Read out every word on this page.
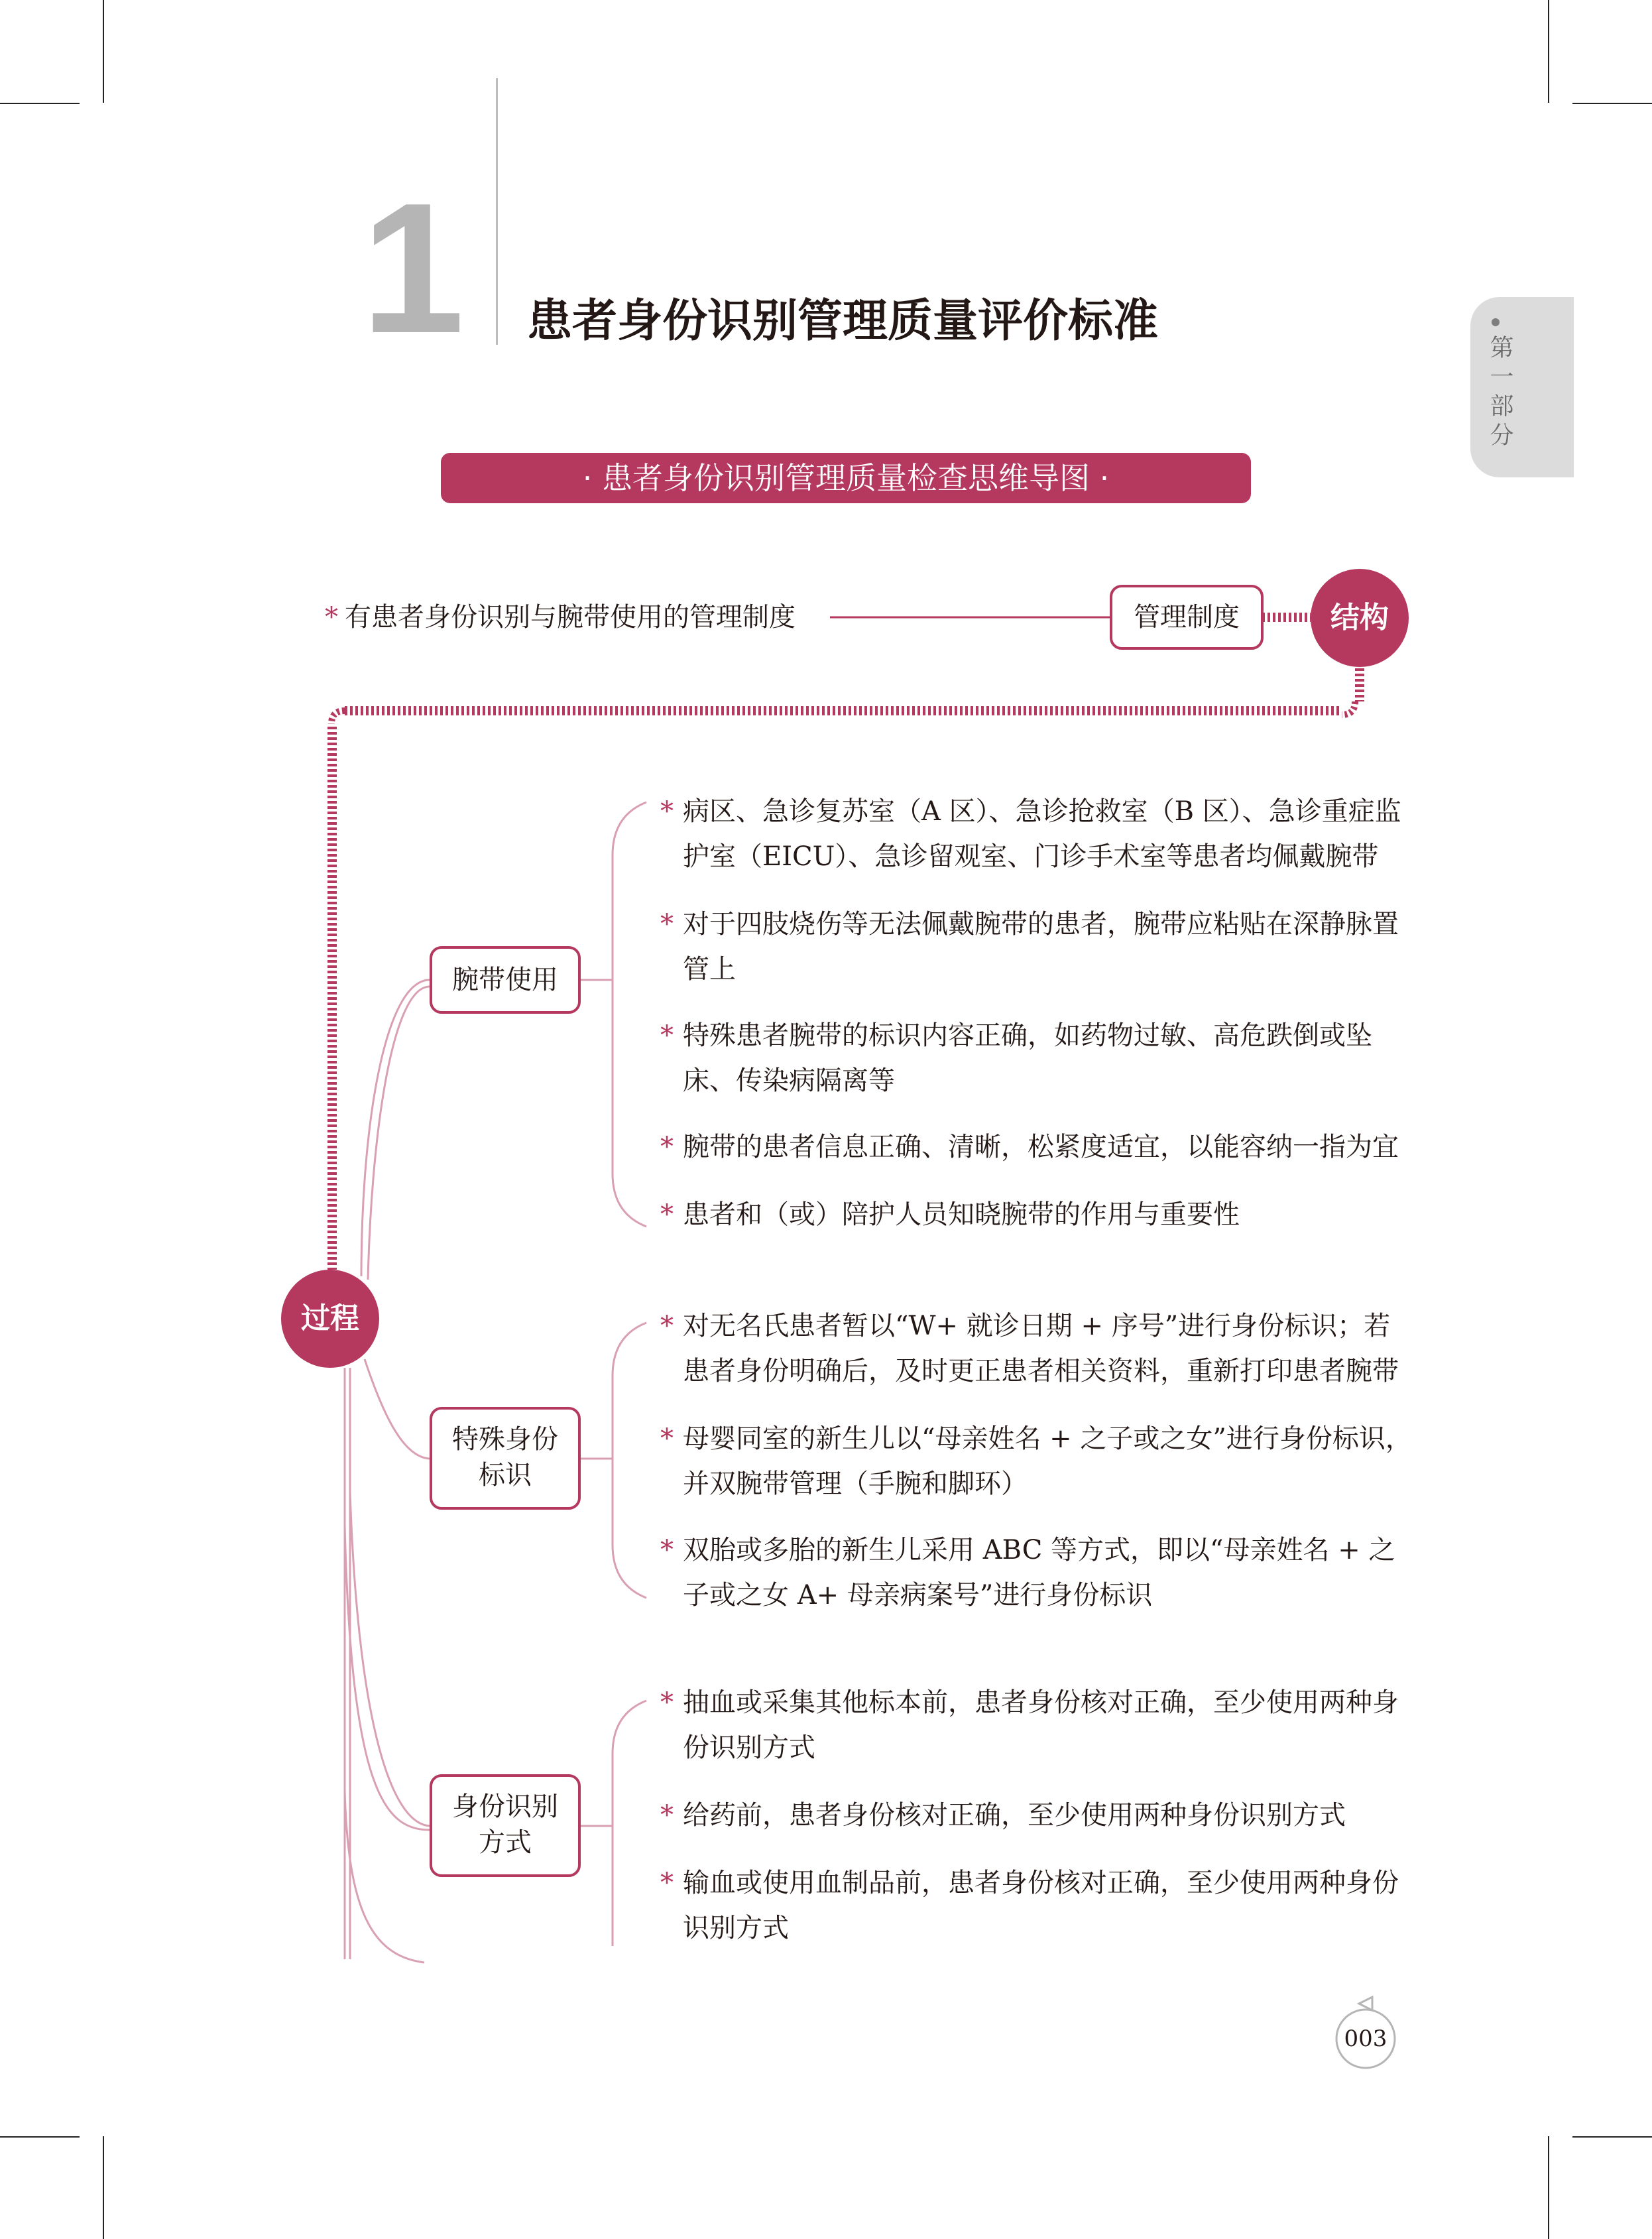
1 患者身份识别管理质量评价标准
第一部分
· 患者身份识别管理质量检查思维导图 ·
* 有患者身份识别与腕带使用的管理制度	管理制度	结构
过程
腕带使用
特殊身份
标识
身份识别
方式
* 病区、急诊复苏室（A 区）、急诊抢救室（B 区）、急诊重症监护室（EICU）、急诊留观室、门诊手术室等患者均佩戴腕带
* 对于四肢烧伤等无法佩戴腕带的患者，腕带应粘贴在深静脉置管上
* 特殊患者腕带的标识内容正确，如药物过敏、高危跌倒或坠床、传染病隔离等
* 腕带的患者信息正确、清晰，松紧度适宜，以能容纳一指为宜
* 患者和（或）陪护人员知晓腕带的作用与重要性
* 对无名氏患者暂以“W+ 就诊日期 + 序号”进行身份标识；若患者身份明确后，及时更正患者相关资料，重新打印患者腕带
* 母婴同室的新生儿以“母亲姓名 + 之子或之女”进行身份标识，并双腕带管理（手腕和脚环）
* 双胎或多胎的新生儿采用 ABC 等方式，即以“母亲姓名 + 之子或之女 A+ 母亲病案号”进行身份标识
* 抽血或采集其他标本前，患者身份核对正确，至少使用两种身份识别方式
* 给药前，患者身份核对正确，至少使用两种身份识别方式
* 输血或使用血制品前，患者身份核对正确，至少使用两种身份识别方式
003
